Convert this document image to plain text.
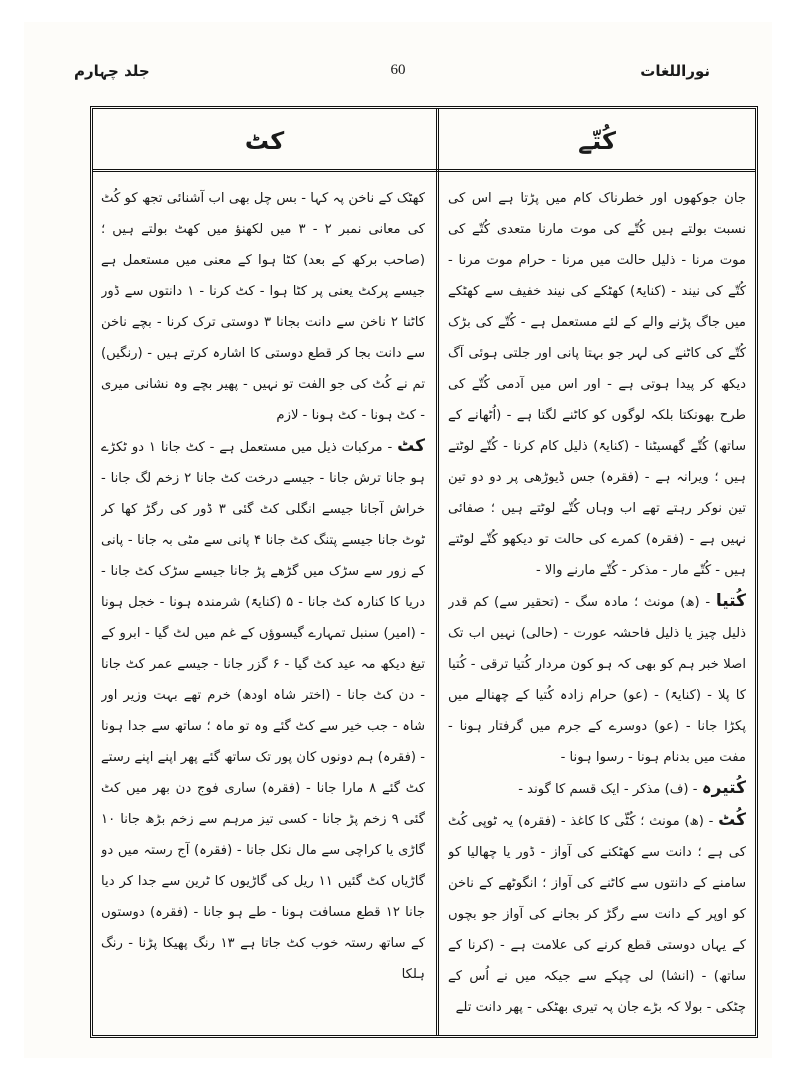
جلد چہارم	60	نوراللغات
کٹ	کُتّے

جان جوکھوں اور خطرناک کام میں پڑتا ہے اس کی نسبت بولتے ہیں کُتّے کی موت مارنا متعدی کُتّے کی موت مرنا - ذلیل حالت میں مرنا - حرام موت مرنا - کُتّے کی نیند - (کنایۃً) کھٹکے کی نیند خفیف سے کھٹکے میں جاگ پڑنے والے کے لئے مستعمل ہے - کُتّے کی بڑک کُتّے کی کاٹنے کی لہر جو بہتا پانی اور جلتی ہوئی آگ دیکھ کر پیدا ہوتی ہے - اور اس میں آدمی کُتّے کی طرح بھونکتا بلکہ لوگوں کو کاٹنے لگتا ہے - (اُٹھانے کے ساتھ) کُتّے گھسیٹنا - (کنایۃً) ذلیل کام کرنا - کُتّے لوٹتے ہیں ؛ ویرانہ ہے - (فقرہ) جس ڈیوڑھی پر دو دو تین تین نوکر رہتے تھے اب وہاں کُتّے لوٹتے ہیں ؛ صفائی نہیں ہے - (فقرہ) کمرے کی حالت تو دیکھو کُتّے لوٹتے ہیں - کُتّے مار - مذکر - کُتّے مارنے والا -

کُتیا - (ھ) مونث ؛ مادہ سگ - (تحقیر سے) کم قدر ذلیل چیز یا ذلیل فاحشہ عورت - (حالی) نہیں اب تک اصلا خبر ہم کو بھی کہ ہو کون مردار کُتیا ترقی - کُتیا کا پلا - (کنایۃً) - (عو) حرام زادہ کُتیا کے چھنالے میں پکڑا جانا - (عو) دوسرے کے جرم میں گرفتار ہونا - مفت میں بدنام ہونا - رسوا ہونا -

کُتیرہ - (ف) مذکر - ایک قسم کا گوند -

کُٹ - (ھ) مونث ؛ کُٹّی کا کاغذ - (فقرہ) یہ ٹوپی کُٹ کی ہے ؛ دانت سے کھٹکنے کی آواز - ڈور یا چھالیا کو سامنے کے دانتوں سے کاٹنے کی آواز ؛ انگوٹھے کے ناخن کو اوپر کے دانت سے رگڑ کر بجانے کی آواز جو بچوں کے یہاں دوستی قطع کرنے کی علامت ہے - (کرنا کے ساتھ) - (انشا) لی چپکے سے جیکہ میں نے اُس کے چٹکی - بولا کہ بڑے جان پہ تیری بھٹکی - پھر دانت تلے

کھٹک کے ناخن پہ کہا - بس چل بھی اب آشنائی تجھ کو کُٹ کی معانی نمبر ۲ - ۳ میں لکھنؤ میں کھٹ بولتے ہیں ؛ (صاحب برکھ کے بعد) کٹا ہوا کے معنی میں مستعمل ہے جیسے پرکٹ یعنی پر کٹا ہوا - کٹ کرنا - ۱ دانتوں سے ڈور کاٹنا ۲ ناخن سے دانت بجانا ۳ دوستی ترک کرنا - بچے ناخن سے دانت بجا کر قطع دوستی کا اشارہ کرتے ہیں - (رنگیں) تم نے کُٹ کی جو الفت تو نہیں - پھیر بچے وہ نشانی میری - کٹ ہونا - کٹ ہونا - لازم

کٹ - مرکبات ذیل میں مستعمل ہے - کٹ جانا ۱ دو ٹکڑے ہو جانا ترش جانا - جیسے درخت کٹ جانا ۲ زخم لگ جانا - خراش آجانا جیسے انگلی کٹ گئی ۳ ڈور کی رگڑ کھا کر ٹوٹ جانا جیسے پتنگ کٹ جانا ۴ پانی سے مٹی بہ جانا - پانی کے زور سے سڑک میں گڑھے پڑ جانا جیسے سڑک کٹ جانا - دریا کا کنارہ کٹ جانا - ۵ (کنایۃً) شرمندہ ہونا - خجل ہونا - (امیر) سنبل تمہارے گیسوؤں کے غم میں لٹ گیا - ابرو کے تیغ دیکھ مہ عید کٹ گیا - ۶ گزر جانا - جیسے عمر کٹ جانا - دن کٹ جانا - (اختر شاہ اودھ) خرم تھے بہت وزیر اور شاہ - جب خیر سے کٹ گئے وہ تو ماہ ؛ ساتھ سے جدا ہونا - (فقرہ) ہم دونوں کان پور تک ساتھ گئے پھر اپنے اپنے رستے کٹ گئے ۸ مارا جانا - (فقرہ) ساری فوج دن بھر میں کٹ گئی ۹ زخم پڑ جانا - کسی تیز مرہم سے زخم بڑھ جانا ۱۰ گاڑی یا کراچی سے مال نکل جانا - (فقرہ) آج رستہ میں دو گاڑیاں کٹ گئیں ۱۱ ریل کی گاڑیوں کا ٹرین سے جدا کر دیا جانا ۱۲ قطع مسافت ہونا - طے ہو جانا - (فقرہ) دوستوں کے ساتھ رستہ خوب کٹ جاتا ہے ۱۳ رنگ پھیکا پڑنا - رنگ ہلکا
